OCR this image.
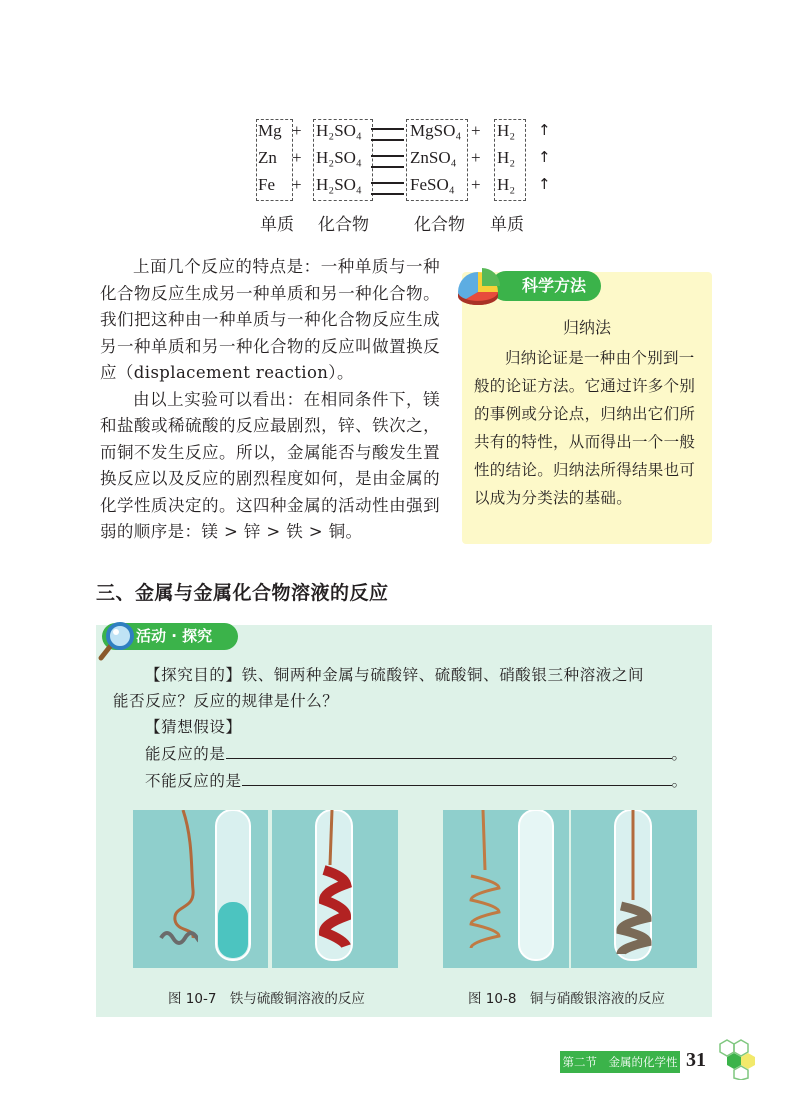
Mg + H₂SO₄	MgSO₄ + H₂ ↑
Zn + H₂SO₄	ZnSO₄ + H₂ ↑
Fe + H₂SO₄	FeSO₄ + H₂ ↑
单质 化合物	化合物 单质

上面几个反应的特点是：一种单质与一种化合物反应生成另一种单质和另一种化合物。我们把这种由一种单质与一种化合物反应生成另一种单质和另一种化合物的反应叫做置换反应（displacement reaction）。

由以上实验可以看出：在相同条件下，镁和盐酸或稀硫酸的反应最剧烈，锌、铁次之，而铜不发生反应。所以，金属能否与酸发生置换反应以及反应的剧烈程度如何，是由金属的化学性质决定的。这四种金属的活动性由强到弱的顺序是：镁 > 锌 > 铁 > 铜。

科学方法
归纳法

归纳论证是一种由个别到一般的论证方法。它通过许多个别的事例或分论点，归纳出它们所共有的特性，从而得出一个一般性的结论。归纳法所得结果也可以成为分类法的基础。

三、金属与金属化合物溶液的反应
活动 · 探究
【探究目的】铁、铜两种金属与硫酸锌、硫酸铜、硝酸银三种溶液之间
能否反应？反应的规律是什么？
【猜想假设】
能反应的是	。
不能反应的是	。
图 10-7　铁与硫酸铜溶液的反应	图 10-8　铜与硝酸银溶液的反应
第二节　金属的化学性质
31
